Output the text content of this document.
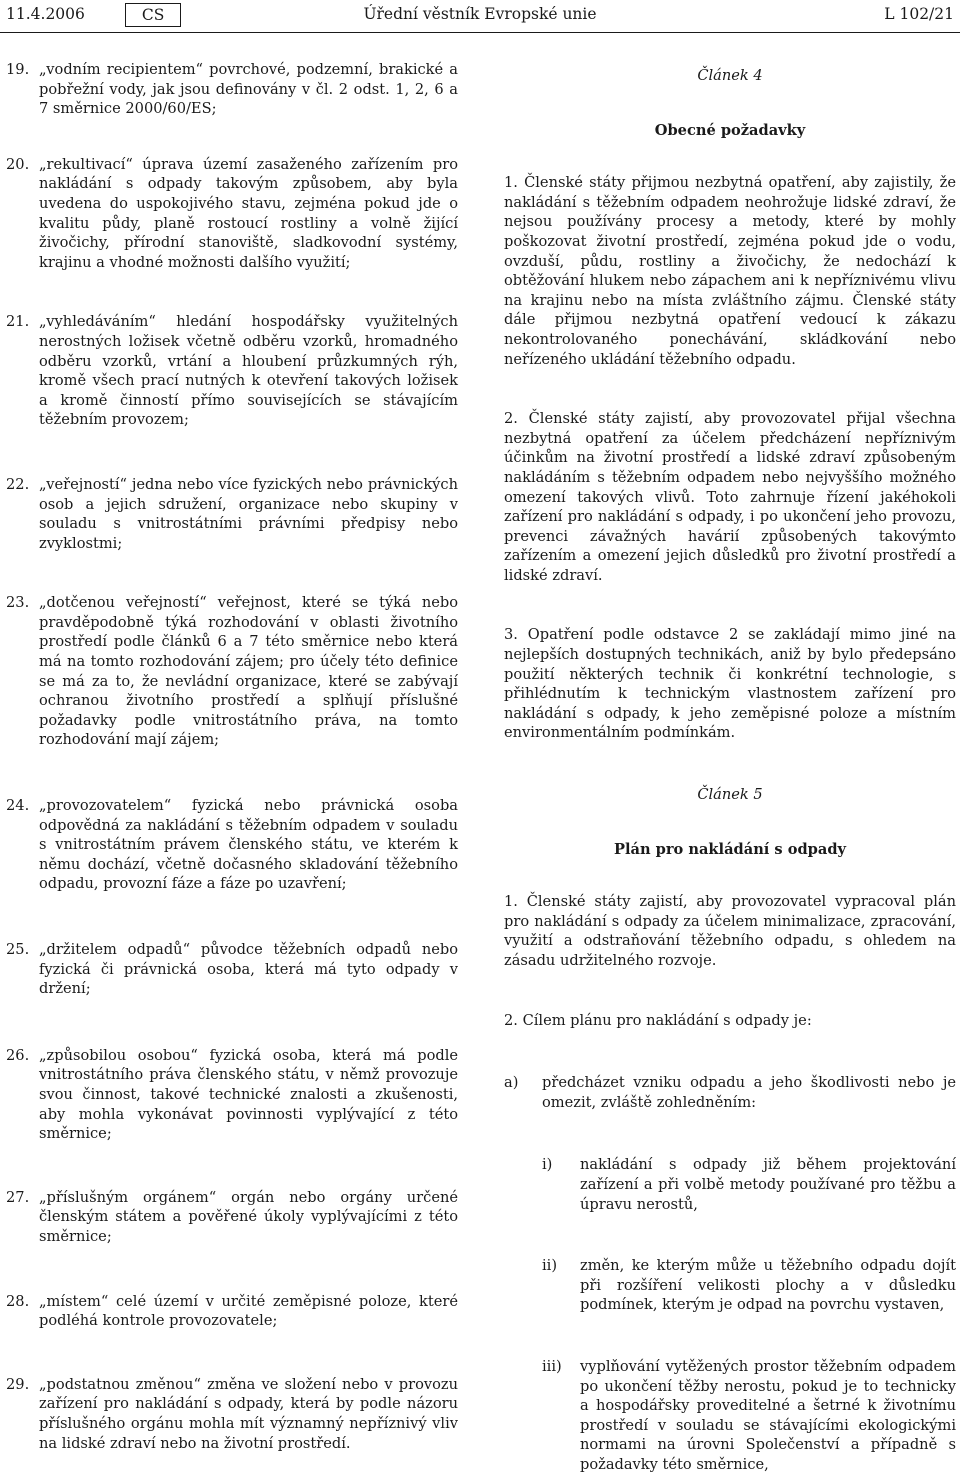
11.4.2006	CS	Úřední věstník Evropské unie	L 102/21
19. „vodním recipientem“ povrchové, podzemní, brakické a pobřežní vody, jak jsou definovány v čl. 2 odst. 1, 2, 6 a 7 směrnice 2000/60/ES;
20. „rekultivací“ úprava území zasaženého zařízením pro nakládání s odpady takovým způsobem, aby byla uvedena do uspokojivého stavu, zejména pokud jde o kvalitu půdy, planě rostoucí rostliny a volně žijící živočichy, přírodní stanoviště, sladkovodní systémy, krajinu a vhodné možnosti dalšího využití;
21. „vyhledáváním“ hledání hospodářsky využitelných nerostných ložisek včetně odběru vzorků, hromadného odběru vzorků, vrtání a hloubení průzkumných rýh, kromě všech prací nutných k otevření takových ložisek a kromě činností přímo souvisejících se stávajícím těžebním provozem;
22. „veřejností“ jedna nebo více fyzických nebo právnických osob a jejich sdružení, organizace nebo skupiny v souladu s vnitrostátními právními předpisy nebo zvyklostmi;
23. „dotčenou veřejností“ veřejnost, které se týká nebo pravděpodobně týká rozhodování v oblasti životního prostředí podle článků 6 a 7 této směrnice nebo která má na tomto rozhodování zájem; pro účely této definice se má za to, že nevládní organizace, které se zabývají ochranou životního prostředí a splňují příslušné požadavky podle vnitrostátního práva, na tomto rozhodování mají zájem;
24. „provozovatelem“ fyzická nebo právnická osoba odpovědná za nakládání s těžebním odpadem v souladu s vnitrostátním právem členského státu, ve kterém k němu dochází, včetně dočasného skladování těžebního odpadu, provozní fáze a fáze po uzavření;
25. „držitelem odpadů“ původce těžebních odpadů nebo fyzická či právnická osoba, která má tyto odpady v držení;
26. „způsobilou osobou“ fyzická osoba, která má podle vnitrostátního práva členského státu, v němž provozuje svou činnost, takové technické znalosti a zkušenosti, aby mohla vykonávat povinnosti vyplývající z této směrnice;
27. „příslušným orgánem“ orgán nebo orgány určené členským státem a pověřené úkoly vyplývajícími z této směrnice;
28. „místem“ celé území v určité zeměpisné poloze, které podléhá kontrole provozovatele;
29. „podstatnou změnou“ změna ve složení nebo v provozu zařízení pro nakládání s odpady, která by podle názoru příslušného orgánu mohla mít významný nepříznivý vliv na lidské zdraví nebo na životní prostředí.
Článek 4
Obecné požadavky
1. Členské státy přijmou nezbytná opatření, aby zajistily, že nakládání s těžebním odpadem neohrožuje lidské zdraví, že nejsou používány procesy a metody, které by mohly poškozovat životní prostředí, zejména pokud jde o vodu, ovzduší, půdu, rostliny a živočichy, že nedochází k obtěžování hlukem nebo zápachem ani k nepříznivému vlivu na krajinu nebo na místa zvláštního zájmu. Členské státy dále přijmou nezbytná opatření vedoucí k zákazu nekontrolovaného ponechávání, skládkování nebo neřízeného ukládání těžebního odpadu.
2. Členské státy zajistí, aby provozovatel přijal všechna nezbytná opatření za účelem předcházení nepříznivým účinkům na životní prostředí a lidské zdraví způsobeným nakládáním s těžebním odpadem nebo nejvyššího možného omezení takových vlivů. Toto zahrnuje řízení jakéhokoli zařízení pro nakládání s odpady, i po ukončení jeho provozu, prevenci závažných havárií způsobených takovýmto zařízením a omezení jejich důsledků pro životní prostředí a lidské zdraví.
3. Opatření podle odstavce 2 se zakládají mimo jiné na nejlepších dostupných technikách, aniž by bylo předepsáno použití některých technik či konkrétní technologie, s přihlédnutím k technickým vlastnostem zařízení pro nakládání s odpady, k jeho zeměpisné poloze a místním environmentálním podmínkám.
Článek 5
Plán pro nakládání s odpady
1. Členské státy zajistí, aby provozovatel vypracoval plán pro nakládání s odpady za účelem minimalizace, zpracování, využití a odstraňování těžebního odpadu, s ohledem na zásadu udržitelného rozvoje.
2. Cílem plánu pro nakládání s odpady je:
a)	předcházet vzniku odpadu a jeho škodlivosti nebo je omezit, zvláště zohledněním:
i)	nakládání s odpady již během projektování zařízení a při volbě metody používané pro těžbu a úpravu nerostů,
ii)	změn, ke kterým může u těžebního odpadu dojít při rozšíření velikosti plochy a v důsledku podmínek, kterým je odpad na povrchu vystaven,
iii)	vyplňování vytěžených prostor těžebním odpadem po ukončení těžby nerostu, pokud je to technicky a hospodářsky proveditelné a šetrné k životnímu prostředí v souladu se stávajícími ekologickými normami na úrovni Společenství a případně s požadavky této směrnice,
